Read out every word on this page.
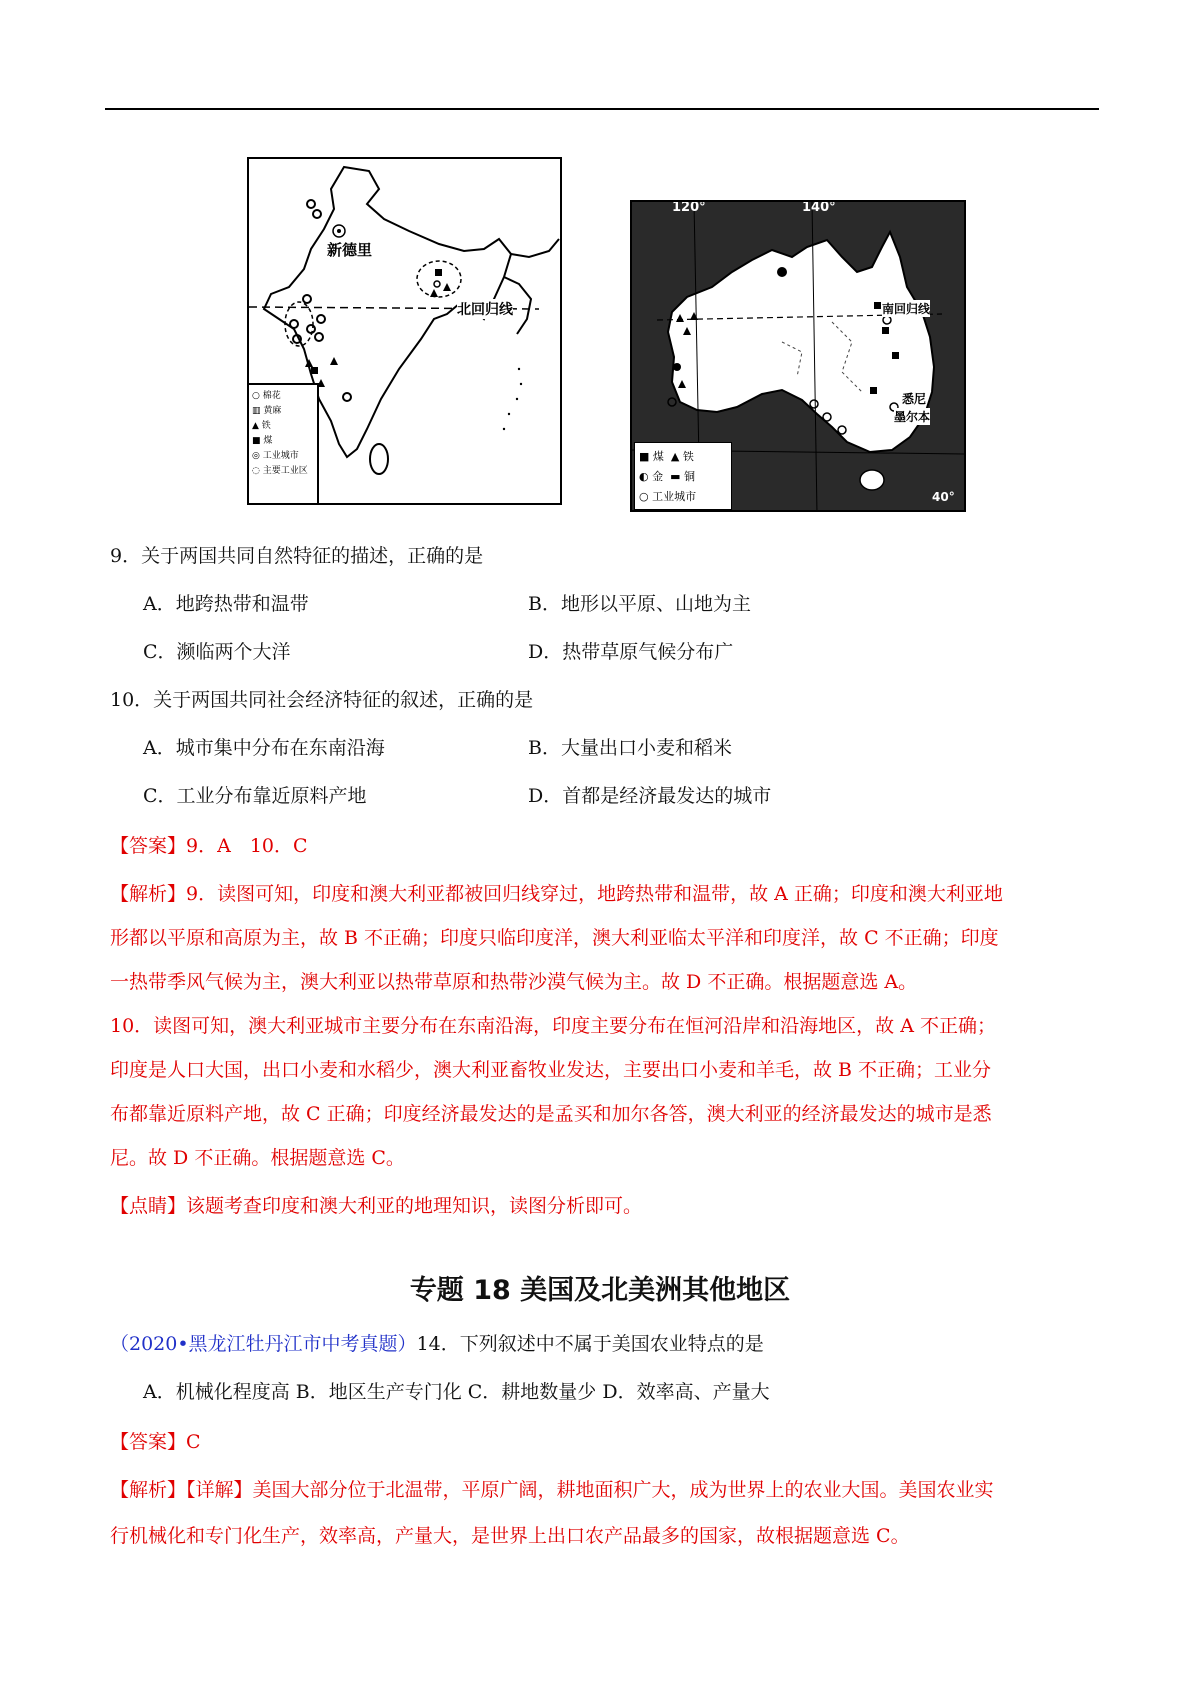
新德里
北回归线
○ 棉花
▥ 黄麻
▲ 铁
■ 煤
◎ 工业城市
◌ 主要工业区
120°	140°
40°
南回归线
悉尼
墨尔本
■ 煤  ▲ 铁
◐ 金  ▬ 铜
○ 工业城市
9．关于两国共同自然特征的描述，正确的是
A．地跨热带和温带	B．地形以平原、山地为主
C．濒临两个大洋	D．热带草原气候分布广
10．关于两国共同社会经济特征的叙述，正确的是
A．城市集中分布在东南沿海	B．大量出口小麦和稻米
C．工业分布靠近原料产地	D．首都是经济最发达的城市
【答案】9．A　10．C
【解析】9．读图可知，印度和澳大利亚都被回归线穿过，地跨热带和温带，故 A 正确；印度和澳大利亚地
形都以平原和高原为主，故 B 不正确；印度只临印度洋，澳大利亚临太平洋和印度洋，故 C 不正确；印度
一热带季风气候为主，澳大利亚以热带草原和热带沙漠气候为主。故 D 不正确。根据题意选 A。
10．读图可知，澳大利亚城市主要分布在东南沿海，印度主要分布在恒河沿岸和沿海地区，故 A 不正确；
印度是人口大国，出口小麦和水稻少，澳大利亚畜牧业发达，主要出口小麦和羊毛，故 B 不正确；工业分
布都靠近原料产地，故 C 正确；印度经济最发达的是孟买和加尔各答，澳大利亚的经济最发达的城市是悉
尼。故 D 不正确。根据题意选 C。
【点睛】该题考查印度和澳大利亚的地理知识，读图分析即可。
专题 18 美国及北美洲其他地区
（2020•黑龙江牡丹江市中考真题）14．下列叙述中不属于美国农业特点的是
A．机械化程度高 B．地区生产专门化 C．耕地数量少 D．效率高、产量大
【答案】C
【解析】【详解】美国大部分位于北温带，平原广阔，耕地面积广大，成为世界上的农业大国。美国农业实
行机械化和专门化生产，效率高，产量大，是世界上出口农产品最多的国家，故根据题意选 C。
